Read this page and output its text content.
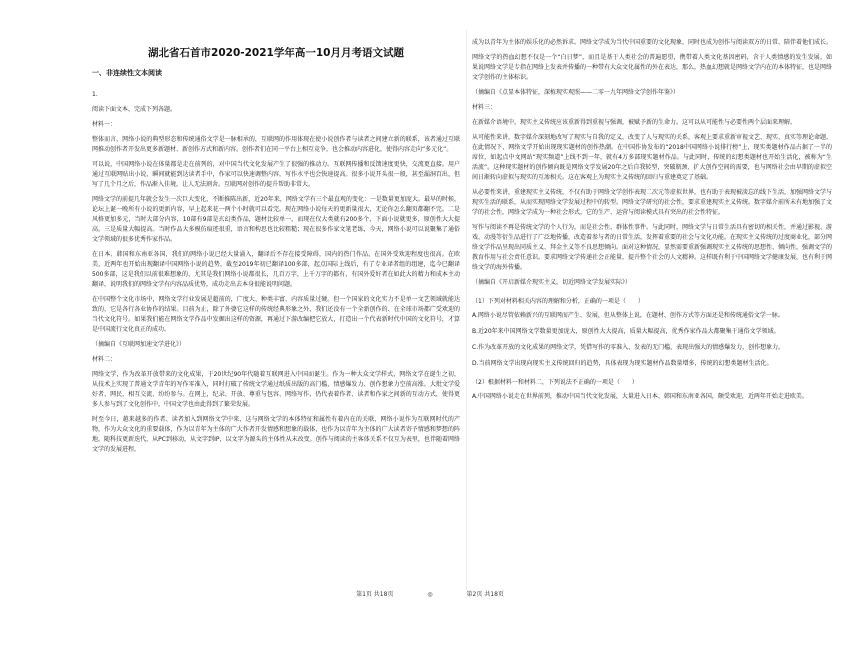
湖北省石首市2020-2021学年高一10月月考语文试题
一、非连续性文本阅读
1.
阅读下面文本，完成下列各题。
材料一：
整体而言，网络小说的典型形态和传统通俗文学是一脉相承的，互联网的作用体现在使小说创作者与读者之间建立新的联系，该者通过互联网推动创作者开发出更多新题材、新创作方式和新内容。创作者们在同一平台上相互竞争，也会推动内容进化，使得内容走向“多元化”。
可以说，中国网络小说在体量都是走在前列的，对中国当代文化发展产生了很强的推动力。互联网传播和反馈速度更快，交流更直接。用户通过互联网贴出小说，瞬间就能到达读者手中，作家可以快速调整内容，写作水平也会快速提高。很多小说开头很一般，甚至漏洞百出，但写了几个月之后，作品渐入佳境，让人无法割舍。互联网对创作的提升帮助非常大。
网络文学的前提几年就会发生一次巨大变化，不断推陈出新，近20年来，网络文学有三个最直观的变化：一是数量更加庞大。最早的时候，论坛上诞一晚所有小说的更新内容，早上起来花一两个小时就可以看完。现在网络小说每天的更新量很大，无论你怎么翻页都翻不完。二是风格更加多元，当时大部分内容，10部有9部是玄幻类作品，题材比较单一，而现在仅大类就有200多个，下面小说就更多，原创性大大提高。三是质量大幅提高。当时作品大多模仿痕迹很重，语言和构思也比较粗糙；现在很多作家文笔老练，今天，网络小说可以说聚集了通俗文学领域的很多优秀作家作品。
在日本、韩国和东南亚各国，我们的网络小说已经大量涌入，翻译后不存在接受障碍，国内的热门作品，在国外受欢迎程度也很高。在欧美，近两年也开始出现翻译中国网络小说的趋势，截至2019年初已翻译100多部，起点国际上线后，有了专业译者组的组建，迄今已翻译500多部，这是我们以前很难想象的，尤其是我们网络小说都很长，几百万字，上千万字的都有，有国外爱好者在如此大的精力和成本主动翻译，说明我们的网络文学有内容品质优势，成功走出去本身很能说明问题。
在中国整个文化市场中，网络文学行业发展是超前的，广度大、种类丰富、内容质量过硬。但一个国家的文化实力不是单一文艺领域就能达致的，它是各行各业协作的结果。目前为止，除了外婆它这样的传统经典形象之外，我们还没有一个全新创作的、在全球市场都广受欢迎的当代文化符号。如果我们能在网络文学作品中发掘出这样的资源，再通过下游改编把它放大，打造出一个代表新时代中国的文化符号，才算是中国流行文化真正的成功。
（摘编自《互联网加速文学进化》）
材料二：
网络文学，作为改革开放带来的文化成果，于20世纪90年代随着互联网进入中国而诞生。作为一种大众文学样式，网络文学在诞生之初，从技术上实现了普通文学青年的写作零准入，同时打破了传统文学通过纸质出版的高门槛，情感爆发力、创作想象力空前高涨。大批文学爱好者、网民，相互交流、纷纷参与。在网上，纪录、开放、尊重与包容、网络写作，仍代表着作者、读者和作家之间新的互动方式，使得更多人参与到了文化创作中，中国文学也由此得到了繁荣发展。
时至今日，越来越多的作者、读者加入到网络文学中来，这与网络文学的本体特征和属性有着内在的关联，网络小说作为互联网时代的产物，作为大众文化的重要载体，作为以青年为主体的广大作者开发情感和想象的载体，也作为以青年为主体的广大读者寄予情感和梦想的阵地，随科技更新迭代，从PC到移动，从文字到IP，以文字为源头的主体性从未改变。创作与阅读的主客体关系不仅互为表里，也伴随着网络文学的发展进程，
成为以青年为主体的娱乐化的必然诉求。网络文学成为当代中国重要的文化现象，同时也成为创作与阅读双方的日常、陪伴着他们成长。
网络文学的热血幻想不仅是一个“白日梦”，而且是基于人类社会的普遍愿望，携带着人类文化基因密码，含于人类情感的发生发展。如果说网络文学是专指在网络上发表并传播的一种带有大众文化属性的外在表达，那么，热血幻想就是网络文学内在的本体特征，也是网络文学创作的主体标识。
（摘编自《点显本体特征，深植现实观照——二零一九年网络文学创作年鉴》）
材料三：
在新媒介语境中，现实主义传统应该重新得到重视与强调，被赋予新的生命力。这可以从可能性与必要性两个层面来理解。
从可能性来讲，数字媒介深刻地改写了现实与自我的定义，改变了人与现实的关系，客观上要求重新审视文艺、现实、真实等理论命题。在此情况下，网络文学开始出现现实题材的创作热潮。在中国作协发布的“2018中国网络小说排行榜”上，现实类题材作品占据了一半的席位，如起点中文网站“现实频道”上线不到一年，就有4万多部现实题材作品。与此同时，传统的幻想类题材也开始生活化，被称为“生活流”。这种现实题材的创作倾向既是网络文学发展20年之后自我转型，突破瓶颈、扩大创作空间的需要，也与网络社会由早期的虚拟空间日渐转向虚拟与现实的互渗相关。这在客观上为现实主义传统的回归与重建奠定了基础。
从必要性来讲，重建现实主义传统，不仅有助于网络文学创作表现二次元等虚拟世界，也有助于表现被淡忘的线下生活，加强网络文学与现实生活的联系，从而实现网络文学发展过程中的转型。网络文学研究的社会性，要求重建现实主义传统。数字媒介前所未有地加强了文学的社会性，网络文学成为一种社会形式，它的生产、运营与阅读模式具有突出的社会性特征。
写作与阅读不再是传统文学的个人行为，而是社会性、群体性事件。与此同时，网络文学与日常生活具有密切的相关性，并通过影视、游戏、动漫等衍生品进行了广泛地传播，改造着参与者的日常生活，发挥着重要的社会与文化功能。在现实主义传统的过度商业化，部分网络文学作品呈现出同质主义、拜金主义等不良思想倾向。面对这种情况，显然需要重新强调现实主义传统的思想性、倾向性，强调文学的教育作用与社会责任意识。要求网络文学传递社会正能量，提升整个社会的人文精神。这样既有利于中国网络文学健康发展，也有利于网络文学的海外传播。
（摘编自《开启新媒介现实主义，切近网络文学发展实际》）
（1）下列对材料相关内容的理解和分析，正确的一项是（　　）
A.网络小说尽管依赖新兴的互联网而产生、发展，但从整体上说，在题材、创作方式等方面还是和传统通俗文学一脉。
B.近20年来中国网络文学数量更加庞大，原创性大大提高，质量大幅提高，优秀作家作品大都聚集于通俗文学领域。
C.作为改革开放的文化成果的网络文学，凭借写作的零准入、发表的无门槛，表现出强大的情感爆发力，创作想象力。
D.当前网络文学出现向现实主义传统回归的趋势，具体表现为现实题材作品数量增多，传统的幻想类题材生活化。
（2）根据材料一和材料二，下列说法不正确的一项是（　　）
A.中国网络小说走在世界前列，推动中国当代文化发展，大量进入日本、韩国和东南亚各国，颇受欢迎，近两年开始走进欧美。
第1页 共18页	◎	第2页 共18页
